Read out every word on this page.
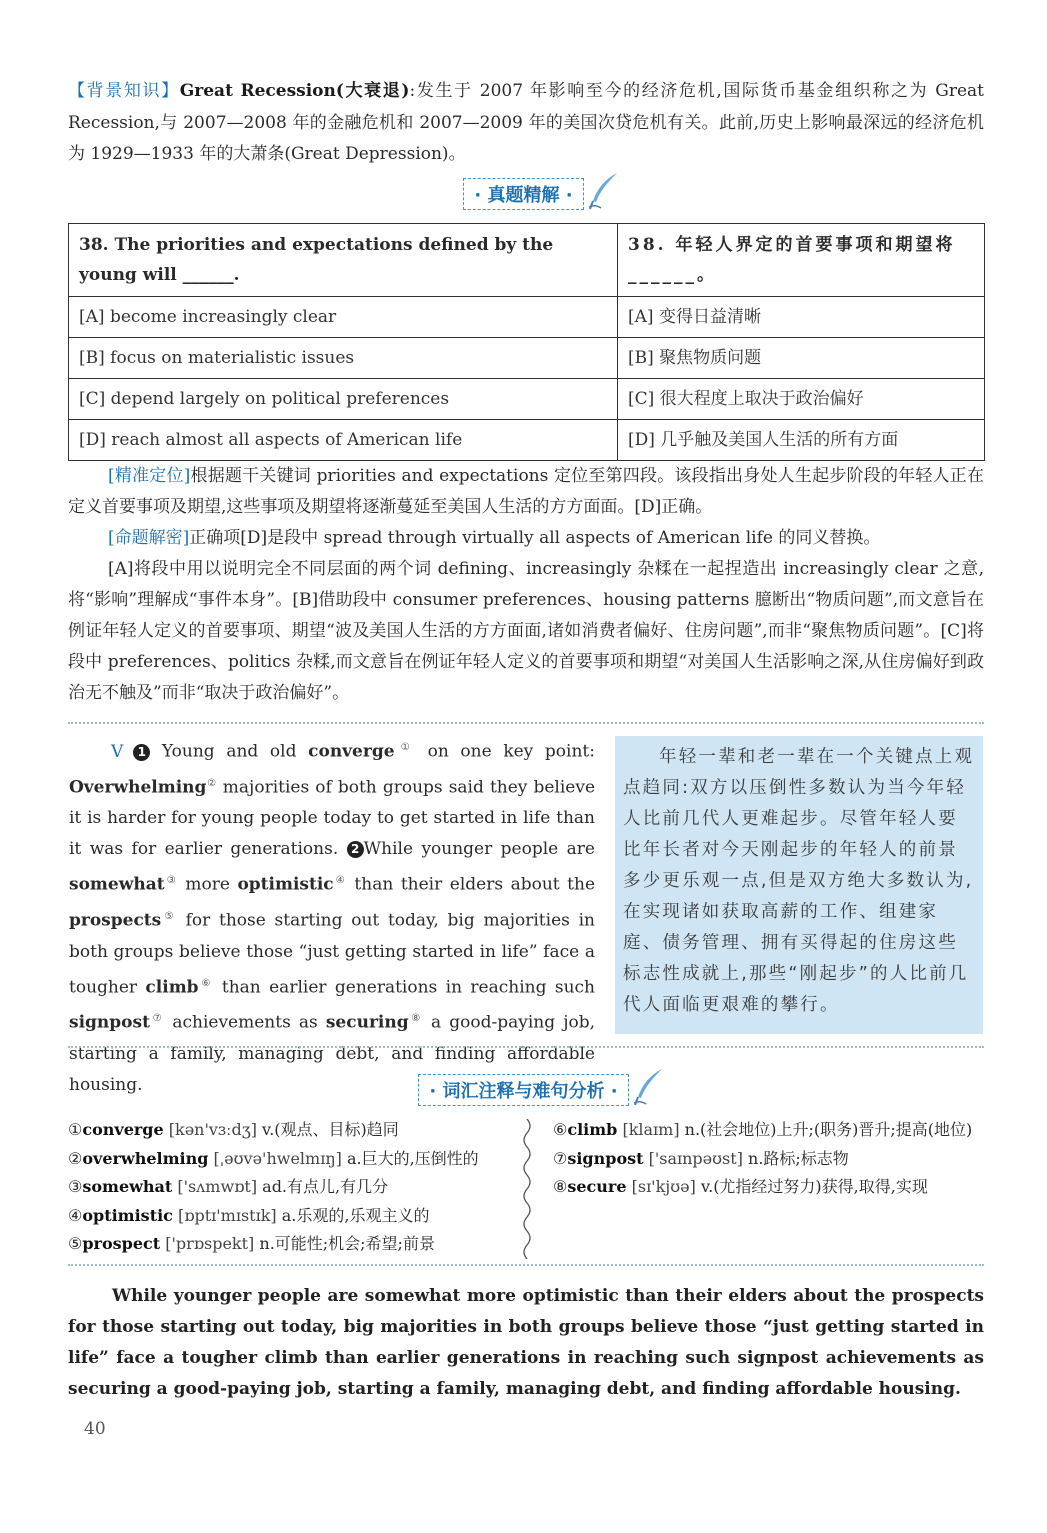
【背景知识】Great Recession(大衰退):发生于 2007 年影响至今的经济危机,国际货币基金组织称之为 Great Recession,与 2007—2008 年的金融危机和 2007—2009 年的美国次贷危机有关。此前,历史上影响最深远的经济危机为 1929—1933 年的大萧条(Great Depression)。
· 真题精解 ·
38. The priorities and expectations defined by the young will ______.	38. 年轻人界定的首要事项和期望将______。
[A] become increasingly clear	[A] 变得日益清晰
[B] focus on materialistic issues	[B] 聚焦物质问题
[C] depend largely on political preferences	[C] 很大程度上取决于政治偏好
[D] reach almost all aspects of American life	[D] 几乎触及美国人生活的所有方面

[精准定位]根据题干关键词 priorities and expectations 定位至第四段。该段指出身处人生起步阶段的年轻人正在定义首要事项及期望,这些事项及期望将逐渐蔓延至美国人生活的方方面面。[D]正确。

[命题解密]正确项[D]是段中 spread through virtually all aspects of American life 的同义替换。

[A]将段中用以说明完全不同层面的两个词 defining、increasingly 杂糅在一起捏造出 increasingly clear 之意,将“影响”理解成“事件本身”。[B]借助段中 consumer preferences、housing patterns 臆断出“物质问题”,而文意旨在例证年轻人定义的首要事项、期望“波及美国人生活的方方面面,诸如消费者偏好、住房问题”,而非“聚焦物质问题”。[C]将段中 preferences、politics 杂糅,而文意旨在例证年轻人定义的首要事项和期望“对美国人生活影响之深,从住房偏好到政治无不触及”而非“取决于政治偏好”。

V 1 Young and old converge① on one key point: Overwhelming② majorities of both groups said they believe it is harder for young people today to get started in life than it was for earlier generations. 2 While younger people are somewhat③ more optimistic④ than their elders about the prospects⑤ for those starting out today, big majorities in both groups believe those “just getting started in life” face a tougher climb⑥ than earlier generations in reaching such signpost⑦ achievements as securing⑧ a good-paying job, starting a family, managing debt, and finding affordable housing.
年轻一辈和老一辈在一个关键点上观点趋同:双方以压倒性多数认为当今年轻人比前几代人更难起步。尽管年轻人要比年长者对今天刚起步的年轻人的前景多少更乐观一点,但是双方绝大多数认为,在实现诸如获取高薪的工作、组建家庭、债务管理、拥有买得起的住房这些标志性成就上,那些“刚起步”的人比前几代人面临更艰难的攀行。
· 词汇注释与难句分析 ·
①converge [kən'vɜːdʒ] v.(观点、目标)趋同
②overwhelming [ˌəʊvə'hwelmɪŋ] a.巨大的,压倒性的
③somewhat ['sʌmwɒt] ad.有点儿,有几分
④optimistic [ɒptɪ'mɪstɪk] a.乐观的,乐观主义的
⑤prospect ['prɒspekt] n.可能性;机会;希望;前景
⑥climb [klaɪm] n.(社会地位)上升;(职务)晋升;提高(地位)
⑦signpost ['saɪnpəʊst] n.路标;标志物
⑧secure [sɪ'kjʊə] v.(尤指经过努力)获得,取得,实现
While younger people are somewhat more optimistic than their elders about the prospects for those starting out today, big majorities in both groups believe those “just getting started in life” face a tougher climb than earlier generations in reaching such signpost achievements as securing a good-paying job, starting a family, managing debt, and finding affordable housing.
40
